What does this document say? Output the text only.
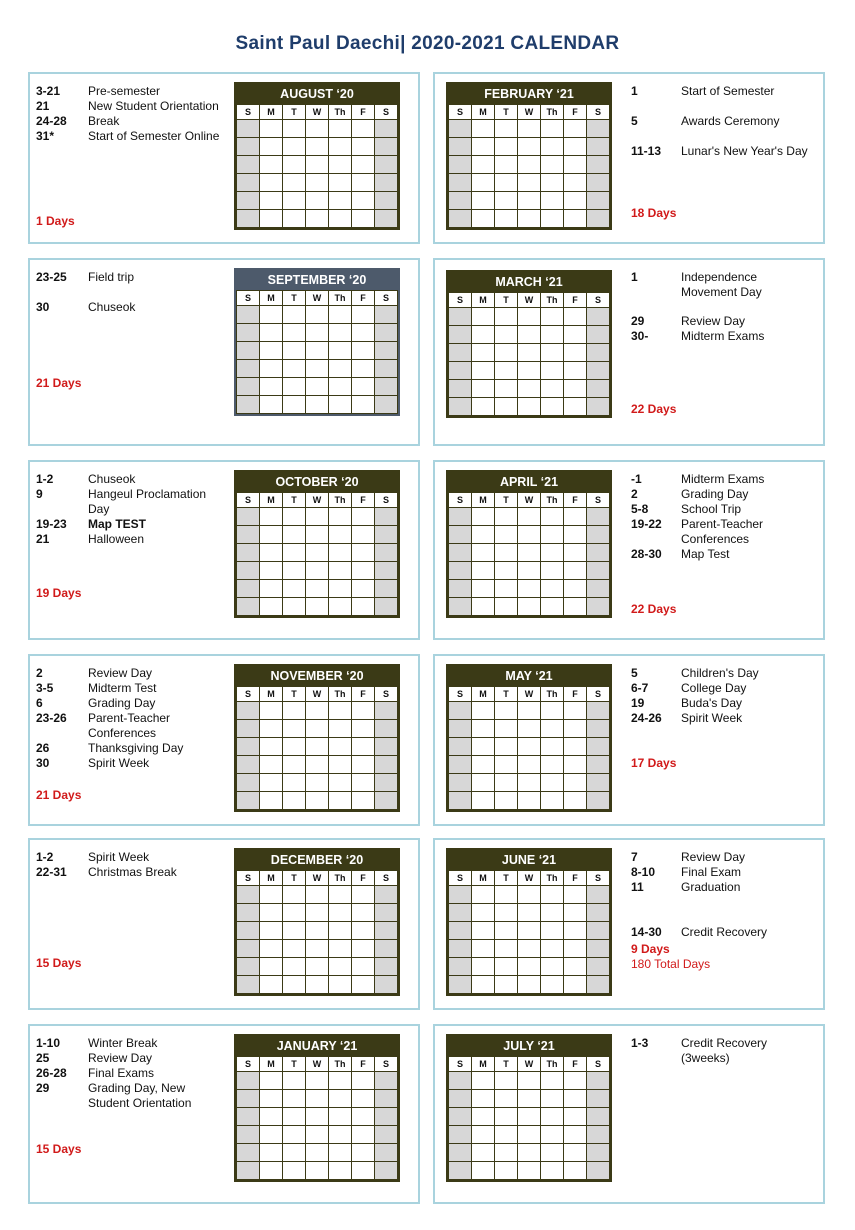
Saint Paul Daechi| 2020-2021 CALENDAR
3-21	Pre-semester
21	New Student Orientation
24-28	Break
31*	Start of Semester Online
1 Days
AUGUST ‘20
S	M	T	W	Th	F	S

1	Start of Semester
5	Awards Ceremony
11-13 Lunar's New Year's Day
18 Days
FEBRUARY ‘21
S	M	T	W	Th	F	S

23-25	Field trip
30	Chuseok
21 Days
SEPTEMBER ‘20
S	M	T	W	Th	F	S

1	Independence Movement Day
29	Review Day
30-	Midterm Exams
22 Days
MARCH ‘21
S	M	T	W	Th	F	S

1-2	Chuseok
9	Hangeul Proclamation Day
19-23	Map TEST
21	Halloween
19 Days
OCTOBER ‘20
S	M	T	W	Th	F	S

-1	Midterm Exams
2	Grading Day
5-8	School Trip
19-22	Parent-Teacher Conferences
28-30	Map Test
22 Days
APRIL ‘21
S	M	T	W	Th	F	S

2	Review Day
3-5	Midterm Test
6	Grading Day
23-26	Parent-Teacher Conferences
26	Thanksgiving Day
30	Spirit Week
21 Days
NOVEMBER ‘20
S	M	T	W	Th	F	S

5	Children's Day
6-7	College Day
19	Buda's Day
24-26	Spirit Week
17 Days
MAY ‘21
S	M	T	W	Th	F	S

1-2	Spirit Week
22-31	Christmas Break
15 Days
DECEMBER ‘20
S	M	T	W	Th	F	S

7	Review Day
8-10	Final Exam
11	Graduation
14-30	Credit Recovery
9 Days
180 Total Days
JUNE ‘21
S	M	T	W	Th	F	S

1-10	Winter Break
25	Review Day
26-28	Final Exams
29	Grading Day, New Student Orientation
15 Days
JANUARY ‘21
S	M	T	W	Th	F	S

1-3	Credit Recovery
(3weeks)
JULY ‘21
S	M	T	W	Th	F	S
